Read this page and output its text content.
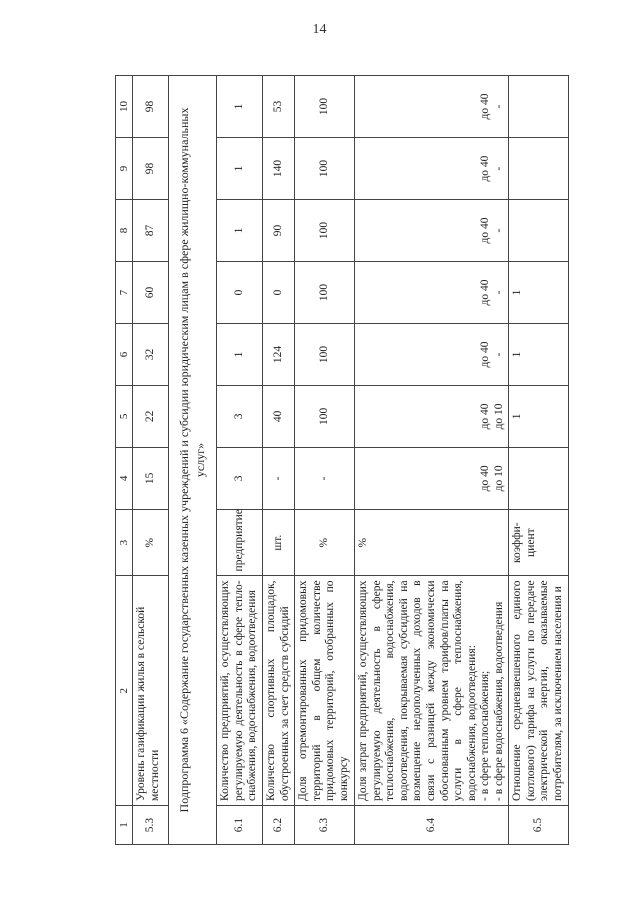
14
1	2	3	4	5	6	7	8	9	10
5.3	Уровень газификации жилья в сельской местности	%	15	22	32	60	87	98	98
Подпрограмма 6 «Содержание государственных казенных учреждений и субсидии юридическим лицам в сфере жилищно-коммунальных услуг»									
6.1	Количество предприятий, осуществляющих регулируемую деятельность в сфере тепло-снабжения, водоснабжения, водоотведения	предприятие	3	3	1	0	1	1	1
6.2	Количество спортивных площадок, обустроенных за счет средств субсидий	шт.	-	40	124	0	90	140	53
6.3	Доля отремонтированных придомовых территорий в общем количестве придомовых территорий, отобранных по конкурсу	%	-	100	100	100	100	100	100
6.4	Доля затрат предприятий, осуществляющих регулируемую деятельность в сфере теплоснабжения, водоснабжения, водоотведения, покрываемая субсидией на возмещение недополученных доходов в связи с разницей между экономически обоснованным уровнем тарифов/платы на услуги в сфере теплоснабжения, водоснабжения, водоотведения: - в сфере теплоснабжения; - в сфере водоснабжения, водоотведения	%	до 40 до 10	до 40 до 10	до 40 -	до 40 -	до 40 -	до 40 -	до 40 -

6.5	Отношение средневзвешенного единого (котлового) тарифа на услуги по передаче электрической энергии, оказываемые потребителям, за исключением населения и	коэффи-циент		1	1	1			
